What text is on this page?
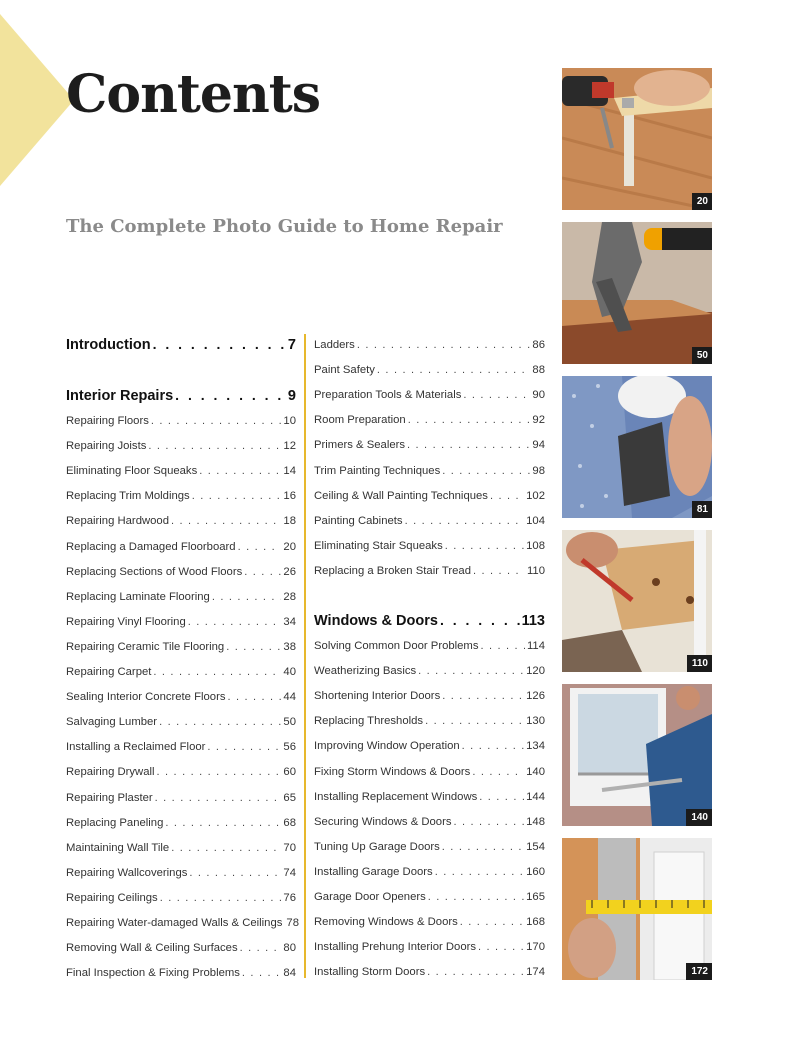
Contents
The Complete Photo Guide to Home Repair
Introduction . . .	7
Interior Repairs . . .	9
Repairing Floors . . .	10
Repairing Joists . . .	12
Eliminating Floor Squeaks . . .	14
Replacing Trim Moldings . . .	16
Repairing Hardwood . . .	18
Replacing a Damaged Floorboard . . .	20
Replacing Sections of Wood Floors . . .	26
Replacing Laminate Flooring . . .	28
Repairing Vinyl Flooring . . .	34
Repairing Ceramic Tile Flooring . . .	38
Repairing Carpet . . .	40
Sealing Interior Concrete Floors . . .	44
Salvaging Lumber . . .	50
Installing a Reclaimed Floor . . .	56
Repairing Drywall . . .	60
Repairing Plaster . . .	65
Replacing Paneling . . .	68
Maintaining Wall Tile . . .	70
Repairing Wallcoverings . . .	74
Repairing Ceilings . . .	76
Repairing Water-damaged Walls & Ceilings 78
Removing Wall & Ceiling Surfaces . . .	80
Final Inspection & Fixing Problems . . .	84
Ladders . . .	86
Paint Safety . . .	88
Preparation Tools & Materials . . .	90
Room Preparation . . .	92
Primers & Sealers . . .	94
Trim Painting Techniques . . .	98
Ceiling & Wall Painting Techniques . . .	102
Painting Cabinets . . .	104
Eliminating Stair Squeaks . . .	108
Replacing a Broken Stair Tread . . .	110
Windows & Doors . . .	113
Solving Common Door Problems . . .	114
Weatherizing Basics . . .	120
Shortening Interior Doors . . .	126
Replacing Thresholds . . .	130
Improving Window Operation . . .	134
Fixing Storm Windows & Doors . . .	140
Installing Replacement Windows . . .	144
Securing Windows & Doors . . .	148
Tuning Up Garage Doors . . .	154
Installing Garage Doors . . .	160
Garage Door Openers . . .	165
Removing Windows & Doors . . .	168
Installing Prehung Interior Doors . . .	170
Installing Storm Doors . . .	174
20
50
81
110
140
172
